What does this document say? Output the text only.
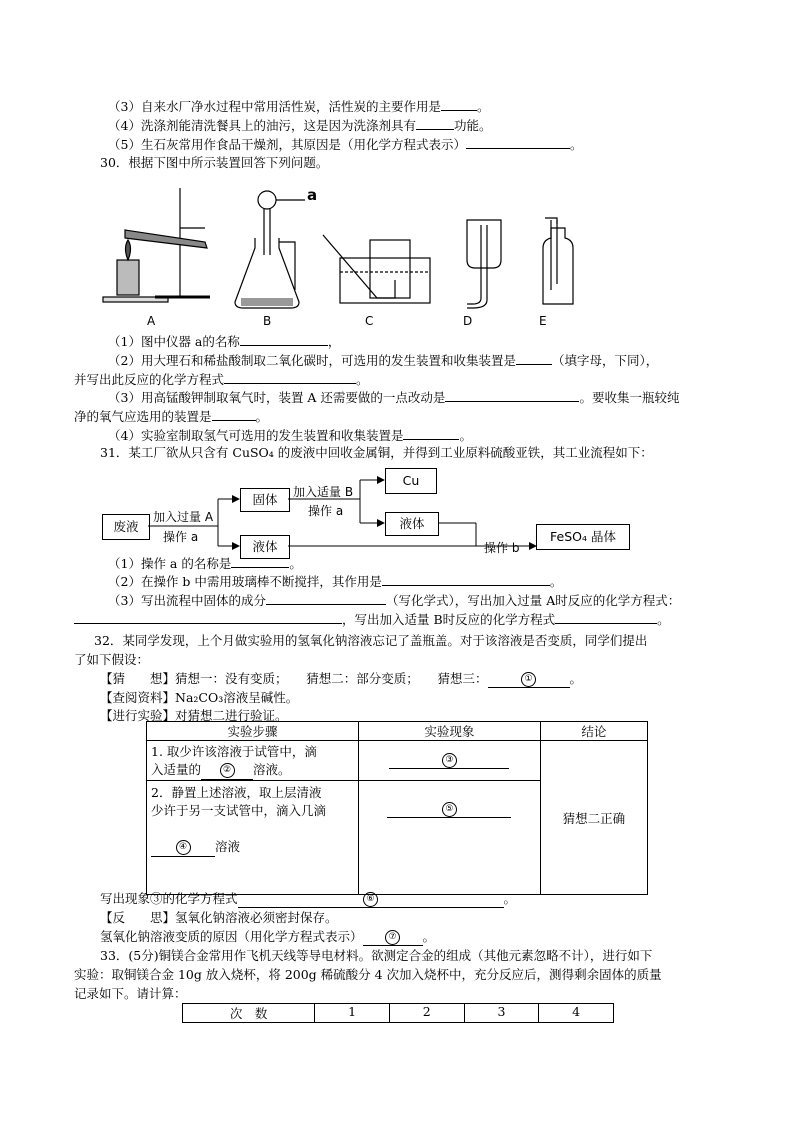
（3）自来水厂净水过程中常用活性炭，活性炭的主要作用是	。
（4）洗涤剂能清洗餐具上的油污，这是因为洗涤剂具有	功能。
（5）生石灰常用作食品干燥剂，其原因是（用化学方程式表示）	。
30．根据下图中所示装置回答下列问题。
a
A	B	C	D	E
（1）图中仪器 a的名称	，
（2）用大理石和稀盐酸制取二氧化碳时，可选用的发生装置和收集装置是	（填字母，下同），
并写出此反应的化学方程式	。
（3）用高锰酸钾制取氧气时，装置 A 还需要做的一点改动是	。要收集一瓶较纯
净的氧气应选用的装置是	。
（4）实验室制取氢气可选用的发生装置和收集装置是	。
31．某工厂欲从只含有 CuSO₄ 的废液中回收金属铜，并得到工业原料硫酸亚铁，其工业流程如下：
废液
固体
液体
Cu
液体
FeSO₄ 晶体
加入过量 A
操作 a
加入适量 B
操作 a
操作 b
（1）操作 a 的名称是	。
（2）在操作 b 中需用玻璃棒不断搅拌，其作用是	。
（3）写出流程中固体的成分	（写化学式），写出加入过量 A时反应的化学方程式：
，写出加入适量 B时反应的化学方程式	。
32．某同学发现，上个月做实验用的氢氧化钠溶液忘记了盖瓶盖。对于该溶液是否变质，同学们提出
了如下假设：
【猜　　想】猜想一：没有变质；　　猜想二：部分变质；　　猜想三：	①	。
【查阅资料】Na₂CO₃溶液呈碱性。
【进行实验】对猜想二进行验证。
实验步骤	实验现象	结论

1. 取少许该溶液于试管中，滴
入适量的 ② 溶液。	③	猜想二正确

2．静置上述溶液，取上层清液
少许于另一支试管中，滴入几滴
④ 溶液	⑤	
写出现象③的化学方程式	⑥	。
【反　　思】氢氧化钠溶液必须密封保存。
氢氧化钠溶液变质的原因（用化学方程式表示）	⑦ 。
33．(5分)铜镁合金常用作飞机天线等导电材料。欲测定合金的组成（其他元素忽略不计），进行如下
实验：取铜镁合金 10g 放入烧杯，将 200g 稀硫酸分 4 次加入烧杯中，充分反应后，测得剩余固体的质量
记录如下。请计算：
次　数	1	2	3	4
